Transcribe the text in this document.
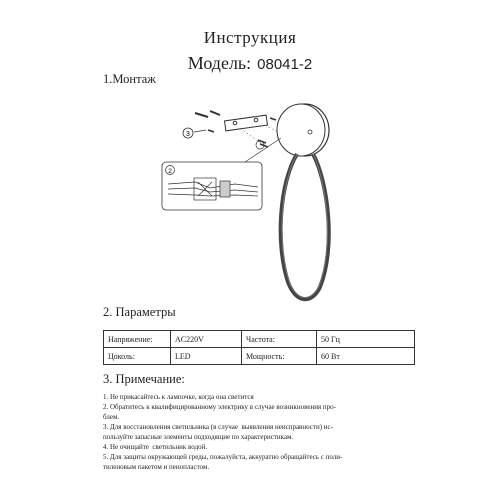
Инструкция
Модель: 08041-2
1.Монтаж
3
2
2. Параметры
Напряжение:	AC220V	Частота:	50 Гц
Цоколь:	LED	Мощность:	60 Вт
3. Примечание:
1. Не прикасайтесь к лампочке, когда она светится
2. Обратитесь к квалифицированному электрику в случае возникновения про-
блем.
3. Для восстановления светильника (в случае  выявления неисправности) ис-
пользуйте запасные элементы подходящие по характеристикам.
4. Не очищайте  светильник водой.
5. Для защиты окружающей среды, пожалуйста, аккуратно обращайтесь с поли-
тиленовым пакетом и пенопластом.
